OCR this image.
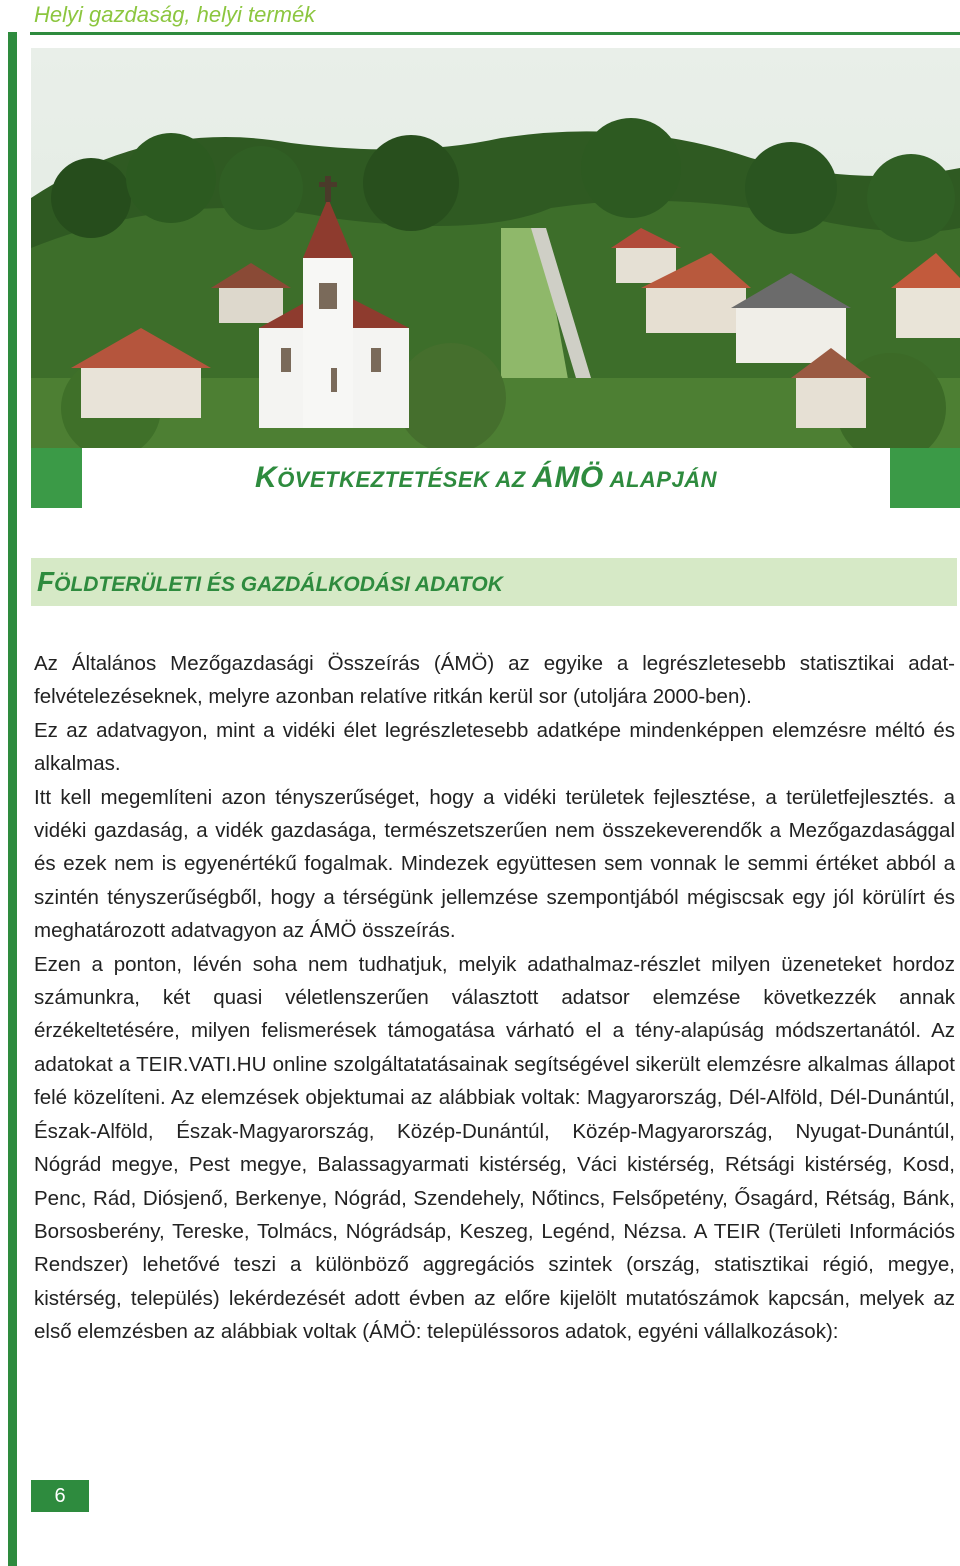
Helyi gazdaság, helyi termék
KÖVETKEZTETÉSEK AZ ÁMÖ ALAPJÁN
FÖLDTERÜLETI ÉS GAZDÁLKODÁSI ADATOK

Az Általános Mezőgazdasági Összeírás (ÁMÖ) az egyike a legrészletesebb statisztikai adat-felvételezéseknek, melyre azonban relatíve ritkán kerül sor (utoljára 2000-ben).

Ez az adatvagyon, mint a vidéki élet legrészletesebb adatképe mindenképpen elemzésre méltó és alkalmas.

Itt kell megemlíteni azon tényszerűséget, hogy a vidéki területek fejlesztése, a területfejlesztés. a vidéki gazdaság, a vidék gazdasága, természetszerűen nem összekeverendők a Mezőgazdasággal és ezek nem is egyenértékű fogalmak. Mindezek együttesen sem vonnak le semmi értéket abból a szintén tényszerűségből, hogy a térségünk jellemzése szempontjából mégiscsak egy jól körülírt és meghatározott adatvagyon az ÁMÖ összeírás.

Ezen a ponton, lévén soha nem tudhatjuk, melyik adathalmaz-részlet milyen üzeneteket hordoz számunkra, két quasi véletlenszerűen választott adatsor elemzése következzék annak érzékeltetésére, milyen felismerések támogatása várható el a tény-alapúság módszertanától. Az adatokat a TEIR.VATI.HU online szolgáltatatásainak segítségével sikerült elemzésre alkalmas állapot felé közelíteni. Az elemzések objektumai az alábbiak voltak: Magyarország, Dél-Alföld, Dél-Dunántúl, Észak-Alföld, Észak-Magyarország, Közép-Dunántúl, Közép-Magyarország, Nyugat-Dunántúl, Nógrád megye, Pest megye, Balassagyarmati kistérség, Váci kistérség, Rétsági kistérség, Kosd, Penc, Rád, Diósjenő, Berkenye, Nógrád, Szendehely, Nőtincs, Felsőpetény, Ősagárd, Rétság, Bánk, Borsosberény, Tereske, Tolmács, Nógrádsáp, Keszeg, Legénd, Nézsa. A TEIR (Területi Információs Rendszer) lehetővé teszi a különböző aggregációs szintek (ország, statisztikai régió, megye, kistérség, település) lekérdezését adott évben az előre kijelölt mutatószámok kapcsán, melyek az első elemzésben az alábbiak voltak (ÁMÖ: településsoros adatok, egyéni vállalkozások):

6
